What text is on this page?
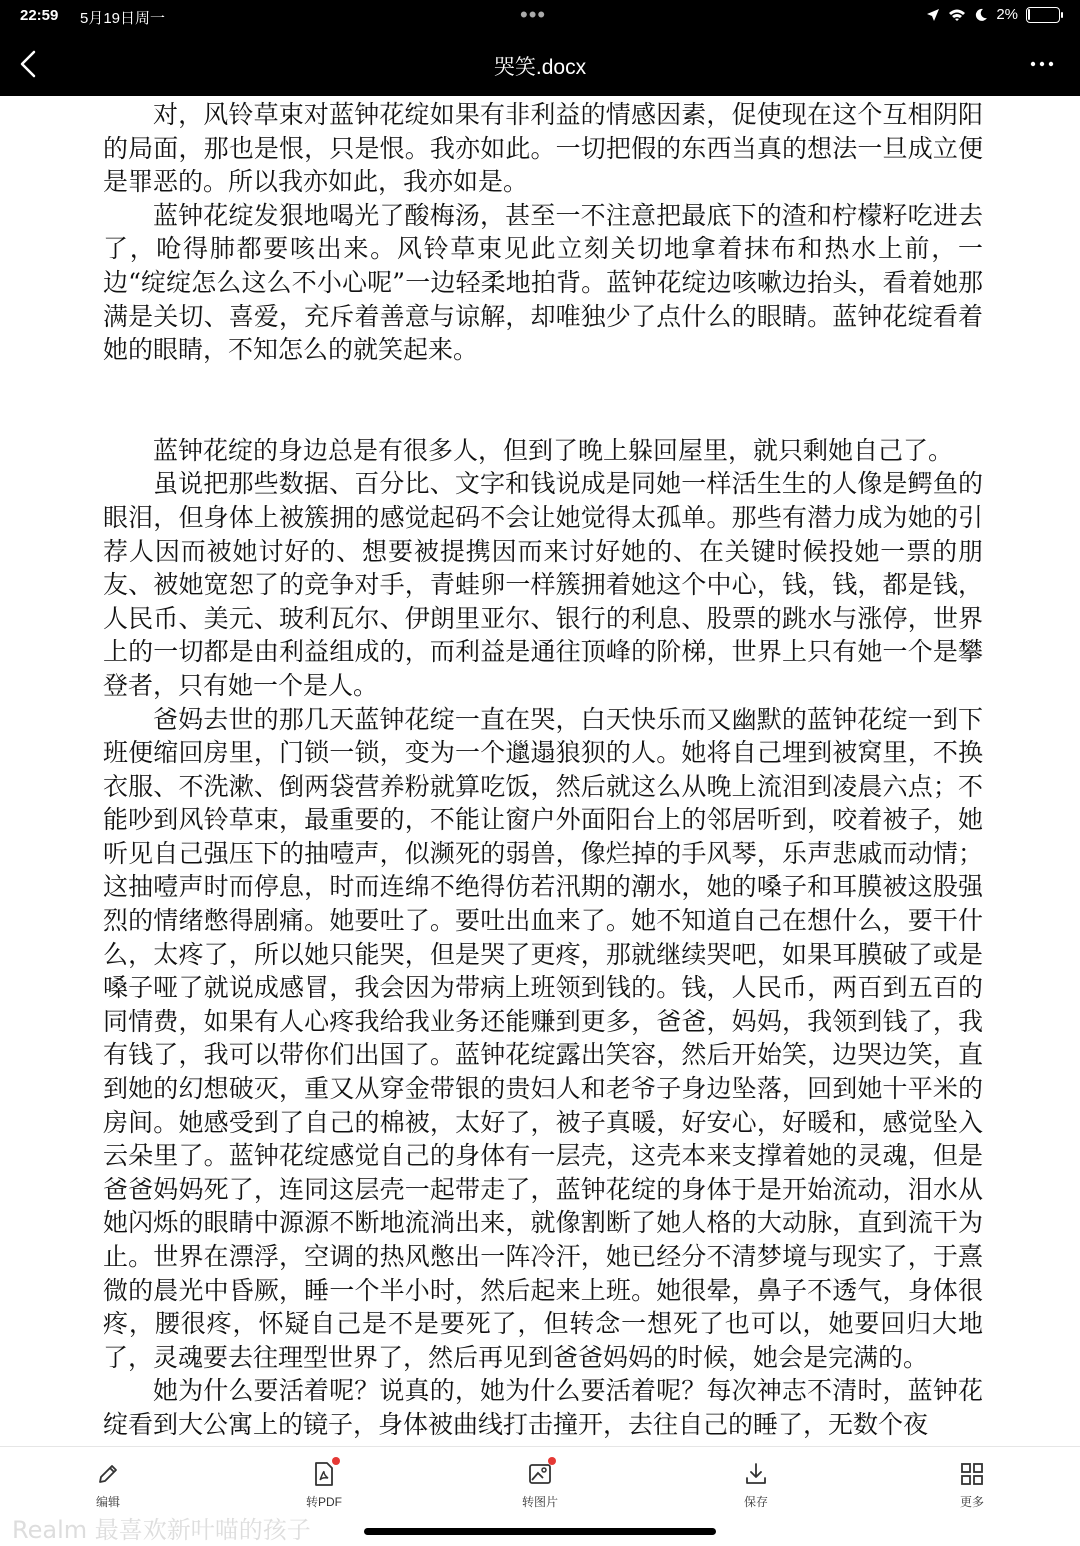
22:59 5月19日周一	•••	2%
哭笑.docx

对，风铃草束对蓝钟花绽如果有非利益的情感因素，促使现在这个互相阴阳的局面，那也是恨，只是恨。我亦如此。一切把假的东西当真的想法一旦成立便是罪恶的。所以我亦如此，我亦如是。

蓝钟花绽发狠地喝光了酸梅汤，甚至一不注意把最底下的渣和柠檬籽吃进去了，呛得肺都要咳出来。风铃草束见此立刻关切地拿着抹布和热水上前，一边“绽绽怎么这么不小心呢”一边轻柔地拍背。蓝钟花绽边咳嗽边抬头，看着她那满是关切、喜爱，充斥着善意与谅解，却唯独少了点什么的眼睛。蓝钟花绽看着她的眼睛，不知怎么的就笑起来。

蓝钟花绽的身边总是有很多人，但到了晚上躲回屋里，就只剩她自己了。

虽说把那些数据、百分比、文字和钱说成是同她一样活生生的人像是鳄鱼的眼泪，但身体上被簇拥的感觉起码不会让她觉得太孤单。那些有潜力成为她的引荐人因而被她讨好的、想要被提携因而来讨好她的、在关键时候投她一票的朋友、被她宽恕了的竞争对手，青蛙卵一样簇拥着她这个中心，钱，钱，都是钱，人民币、美元、玻利瓦尔、伊朗里亚尔、银行的利息、股票的跳水与涨停，世界上的一切都是由利益组成的，而利益是通往顶峰的阶梯，世界上只有她一个是攀登者，只有她一个是人。

爸妈去世的那几天蓝钟花绽一直在哭，白天快乐而又幽默的蓝钟花绽一到下班便缩回房里，门锁一锁，变为一个邋遢狼狈的人。她将自己埋到被窝里，不换衣服、不洗漱、倒两袋营养粉就算吃饭，然后就这么从晚上流泪到凌晨六点；不能吵到风铃草束，最重要的，不能让窗户外面阳台上的邻居听到，咬着被子，她听见自己强压下的抽噎声，似濒死的弱兽，像烂掉的手风琴，乐声悲戚而动情；这抽噎声时而停息，时而连绵不绝得仿若汛期的潮水，她的嗓子和耳膜被这股强烈的情绪憋得剧痛。她要吐了。要吐出血来了。她不知道自己在想什么，要干什么，太疼了，所以她只能哭，但是哭了更疼，那就继续哭吧，如果耳膜破了或是嗓子哑了就说成感冒，我会因为带病上班领到钱的。钱，人民币，两百到五百的同情费，如果有人心疼我给我业务还能赚到更多，爸爸，妈妈，我领到钱了，我有钱了，我可以带你们出国了。蓝钟花绽露出笑容，然后开始笑，边哭边笑，直到她的幻想破灭，重又从穿金带银的贵妇人和老爷子身边坠落，回到她十平米的房间。她感受到了自己的棉被，太好了，被子真暖，好安心，好暖和，感觉坠入云朵里了。蓝钟花绽感觉自己的身体有一层壳，这壳本来支撑着她的灵魂，但是爸爸妈妈死了，连同这层壳一起带走了，蓝钟花绽的身体于是开始流动，泪水从她闪烁的眼睛中源源不断地流淌出来，就像割断了她人格的大动脉，直到流干为止。世界在漂浮，空调的热风憋出一阵冷汗，她已经分不清梦境与现实了，于熹微的晨光中昏厥，睡一个半小时，然后起来上班。她很晕，鼻子不透气，身体很疼，腰很疼，怀疑自己是不是要死了，但转念一想死了也可以，她要回归大地了，灵魂要去往理型世界了，然后再见到爸爸妈妈的时候，她会是完满的。

她为什么要活着呢？说真的，她为什么要活着呢？每次神志不清时，蓝钟花绽看到大公寓上的镜子，身体被曲线打击撞开，去往自己的睡了，无数个夜

编辑	转PDF	转图片	保存	更多
Realm 最喜欢新叶喵的孩子
